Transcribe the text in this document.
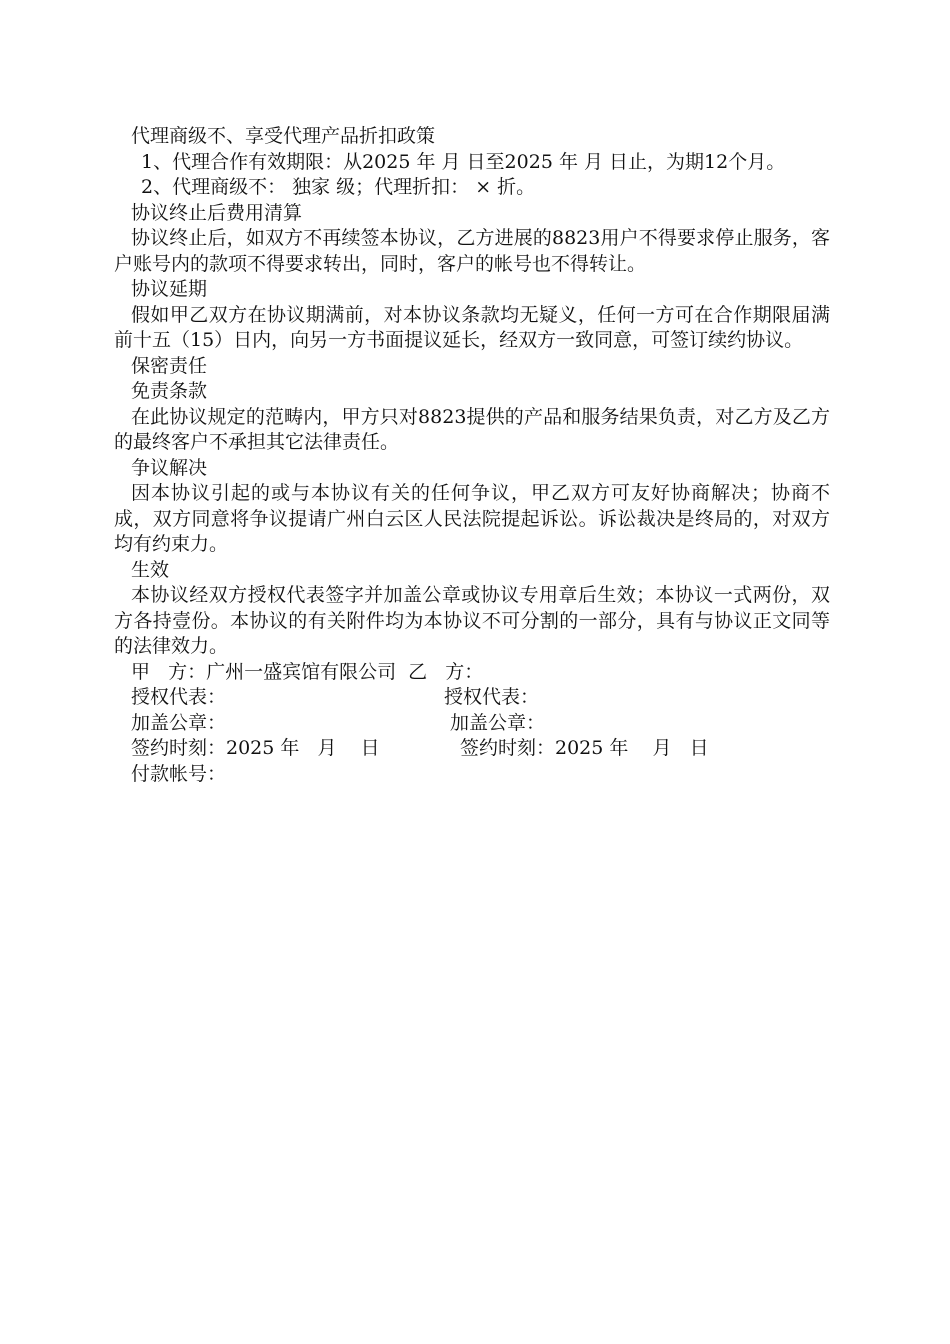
代理商级不、享受代理产品折扣政策
1、代理合作有效期限：从2025 年 月 日至2025 年 月 日止，为期12个月。
2、代理商级不： 独家 级；代理折扣： × 折。
协议终止后费用清算
协议终止后，如双方不再续签本协议，乙方进展的8823用户不得要求停止服务，客户账号内的款项不得要求转出，同时，客户的帐号也不得转让。
协议延期
假如甲乙双方在协议期满前，对本协议条款均无疑义，任何一方可在合作期限届满前十五（15）日内，向另一方书面提议延长，经双方一致同意，可签订续约协议。
保密责任
免责条款
在此协议规定的范畴内，甲方只对8823提供的产品和服务结果负责，对乙方及乙方的最终客户不承担其它法律责任。
争议解决
因本协议引起的或与本协议有关的任何争议，甲乙双方可友好协商解决；协商不成，双方同意将争议提请广州白云区人民法院提起诉讼。诉讼裁决是终局的，对双方均有约束力。
生效
本协议经双方授权代表签字并加盖公章或协议专用章后生效；本协议一式两份，双方各持壹份。本协议的有关附件均为本协议不可分割的一部分，具有与协议正文同等的法律效力。
甲   方：广州一盛宾馆有限公司 乙   方：
授权代表：	授权代表：
加盖公章：	加盖公章：
签约时刻：2025 年   月    日	签约时刻：2025 年    月   日
付款帐号：
